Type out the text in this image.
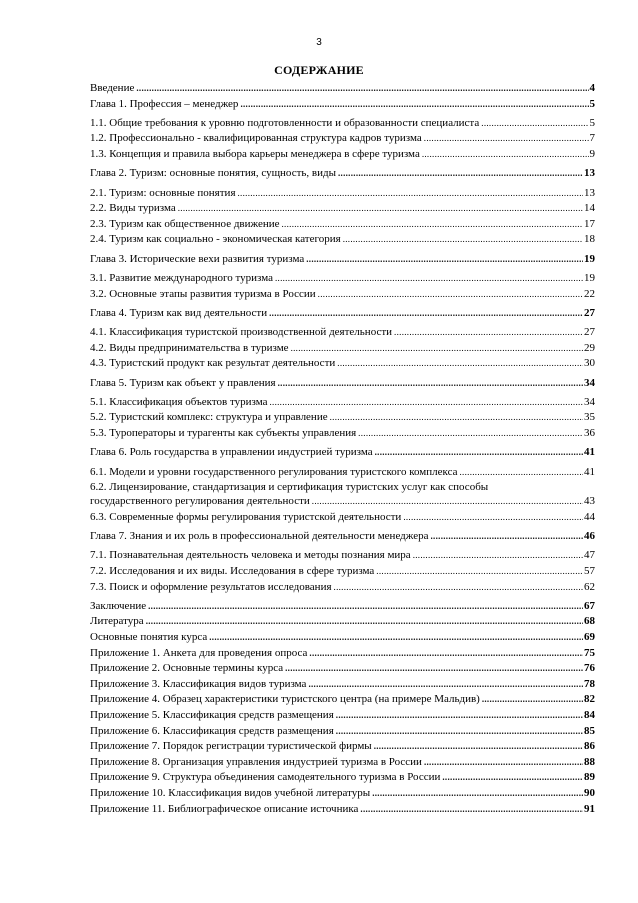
3
СОДЕРЖАНИЕ
Введение .....	4
Глава 1. Профессия – менеджер .....	5
1.1. Общие требования к уровню подготовленности и образованности специалиста .....	5
1.2. Профессионально - квалифицированная структура кадров туризма .....	7
1.3. Концепция и правила выбора карьеры менеджера в сфере туризма .....	9
Глава 2. Туризм: основные понятия, сущность, виды .....	13
2.1. Туризм: основные понятия .....	13
2.2. Виды туризма .....	14
2.3. Туризм как общественное движение .....	17
2.4. Туризм как социально - экономическая категория .....	18
Глава 3. Исторические вехи развития туризма .....	19
3.1. Развитие международного туризма .....	19
3.2. Основные этапы развития туризма в России .....	22
Глава 4. Туризм как вид деятельности .....	27
4.1. Классификация туристской производственной деятельности .....	27
4.2. Виды предпринимательства в туризме .....	29
4.3. Туристский продукт как результат деятельности .....	30
Глава 5. Туризм как объект у правления .....	34
5.1. Классификация объектов туризма .....	34
5.2. Туристский комплекс: структура и управление .....	35
5.3. Туроператоры и турагенты как субъекты управления .....	36
Глава 6. Роль государства в управлении индустрией туризма .....	41
6.1. Модели и уровни государственного регулирования туристского комплекса .....	41
6.2. Лицензирование, стандартизация и сертификация туристских услуг как способы
государственного регулирования деятельности .....	43
6.3. Современные формы регулирования туристской деятельности .....	44
Глава 7. Знания и их роль в профессиональной деятельности менеджера .....	46
7.1. Познавательная деятельность человека и методы познания мира .....	47
7.2. Исследования и их виды. Исследования в сфере туризма .....	57
7.3. Поиск и оформление результатов исследования .....	62
Заключение .....	67
Литература .....	68
Основные понятия курса .....	69
Приложение 1. Анкета для проведения опроса .....	75
Приложение 2. Основные термины курса .....	76
Приложение 3. Классификация видов туризма .....	78
Приложение 4. Образец характеристики туристского центра (на примере Мальдив) .....	82
Приложение 5. Классификация средств размещения .....	84
Приложение 6. Классификация средств размещения .....	85
Приложение 7. Порядок регистрации туристической фирмы .....	86
Приложение 8. Организация управления индустрией туризма в России .....	88
Приложение 9. Структура объединения самодеятельного туризма в России .....	89
Приложение 10. Классификация видов учебной литературы .....	90
Приложение 11. Библиографическое описание источника .....	91
